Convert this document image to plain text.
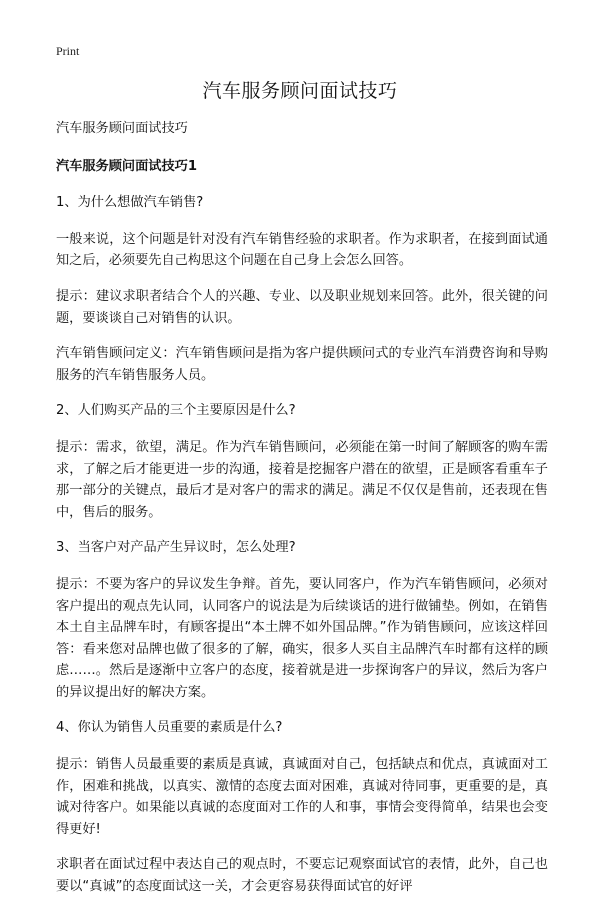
Print
汽车服务顾问面试技巧

汽车服务顾问面试技巧

汽车服务顾问面试技巧1

1、为什么想做汽车销售?

一般来说，这个问题是针对没有汽车销售经验的求职者。作为求职者，在接到面试通知之后，必须要先自己构思这个问题在自己身上会怎么回答。

提示：建议求职者结合个人的兴趣、专业、以及职业规划来回答。此外，很关键的问题，要谈谈自己对销售的认识。

汽车销售顾问定义：汽车销售顾问是指为客户提供顾问式的专业汽车消费咨询和导购服务的汽车销售服务人员。

2、人们购买产品的三个主要原因是什么?

提示：需求，欲望，满足。作为汽车销售顾问，必须能在第一时间了解顾客的购车需求，了解之后才能更进一步的沟通，接着是挖掘客户潜在的欲望，正是顾客看重车子那一部分的关键点，最后才是对客户的需求的满足。满足不仅仅是售前，还表现在售中，售后的服务。

3、当客户对产品产生异议时，怎么处理?

提示：不要为客户的异议发生争辩。首先，要认同客户，作为汽车销售顾问，必须对客户提出的观点先认同，认同客户的说法是为后续谈话的进行做铺垫。例如，在销售本土自主品牌车时，有顾客提出“本土牌不如外国品牌。”作为销售顾问，应该这样回答：看来您对品牌也做了很多的了解，确实，很多人买自主品牌汽车时都有这样的顾虑……。然后是逐渐中立客户的态度，接着就是进一步探询客户的异议，然后为客户的异议提出好的解决方案。

4、你认为销售人员重要的素质是什么?

提示：销售人员最重要的素质是真诚，真诚面对自己，包括缺点和优点，真诚面对工作，困难和挑战，以真实、激情的态度去面对困难，真诚对待同事，更重要的是，真诚对待客户。如果能以真诚的态度面对工作的人和事，事情会变得简单，结果也会变得更好!

求职者在面试过程中表达自己的观点时，不要忘记观察面试官的表情，此外，自己也要以“真诚”的态度面试这一关，才会更容易获得面试官的好评
